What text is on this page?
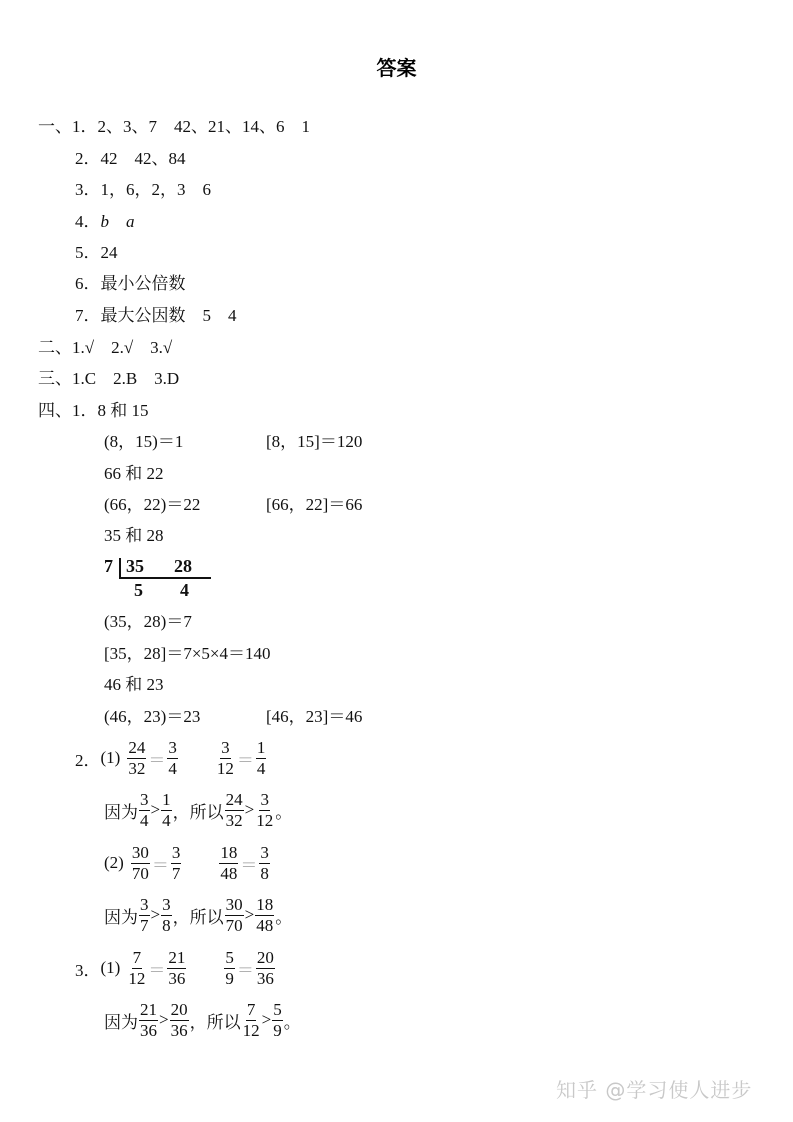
答案
一、1．2、3、7　42、21、14、6　1
2．42　42、84
3．1，6，2，3　6
4．b　 a
5．24
6．最小公倍数
7．最大公因数　5　4
二、1.√　2.√　3.√
三、1.C　2.B　3.D
四、1．8 和 15
(8，15)＝1	[8，15]＝120
66 和 22
(66，22)＝22	[66，22]＝66
35 和 28
7 35 28
5 4
(35，28)＝7
[35，28]＝7×5×4＝140
46 和 23
(46，23)＝23	[46，23]＝46
2． $(1) \frac{24}{32} = \frac{3}{4} \frac{3}{12} = \frac{1}{4}$
因为 $\frac{3}{4} > \frac{1}{4}$ ，所以 $\frac{24}{32} > \frac{3}{12}$ 。
$(2) \frac{30}{70} = \frac{3}{7} \frac{18}{48} = \frac{3}{8}$
因为 $\frac{3}{7} > \frac{3}{8}$ ，所以 $\frac{30}{70} > \frac{18}{48}$ 。
3． $(1) \frac{7}{12} = \frac{21}{36} \frac{5}{9} = \frac{20}{36}$
因为 $\frac{21}{36} > \frac{20}{36}$ ，所以 $\frac{7}{12} > \frac{5}{9}$ 。
知乎 @学习使人进步
